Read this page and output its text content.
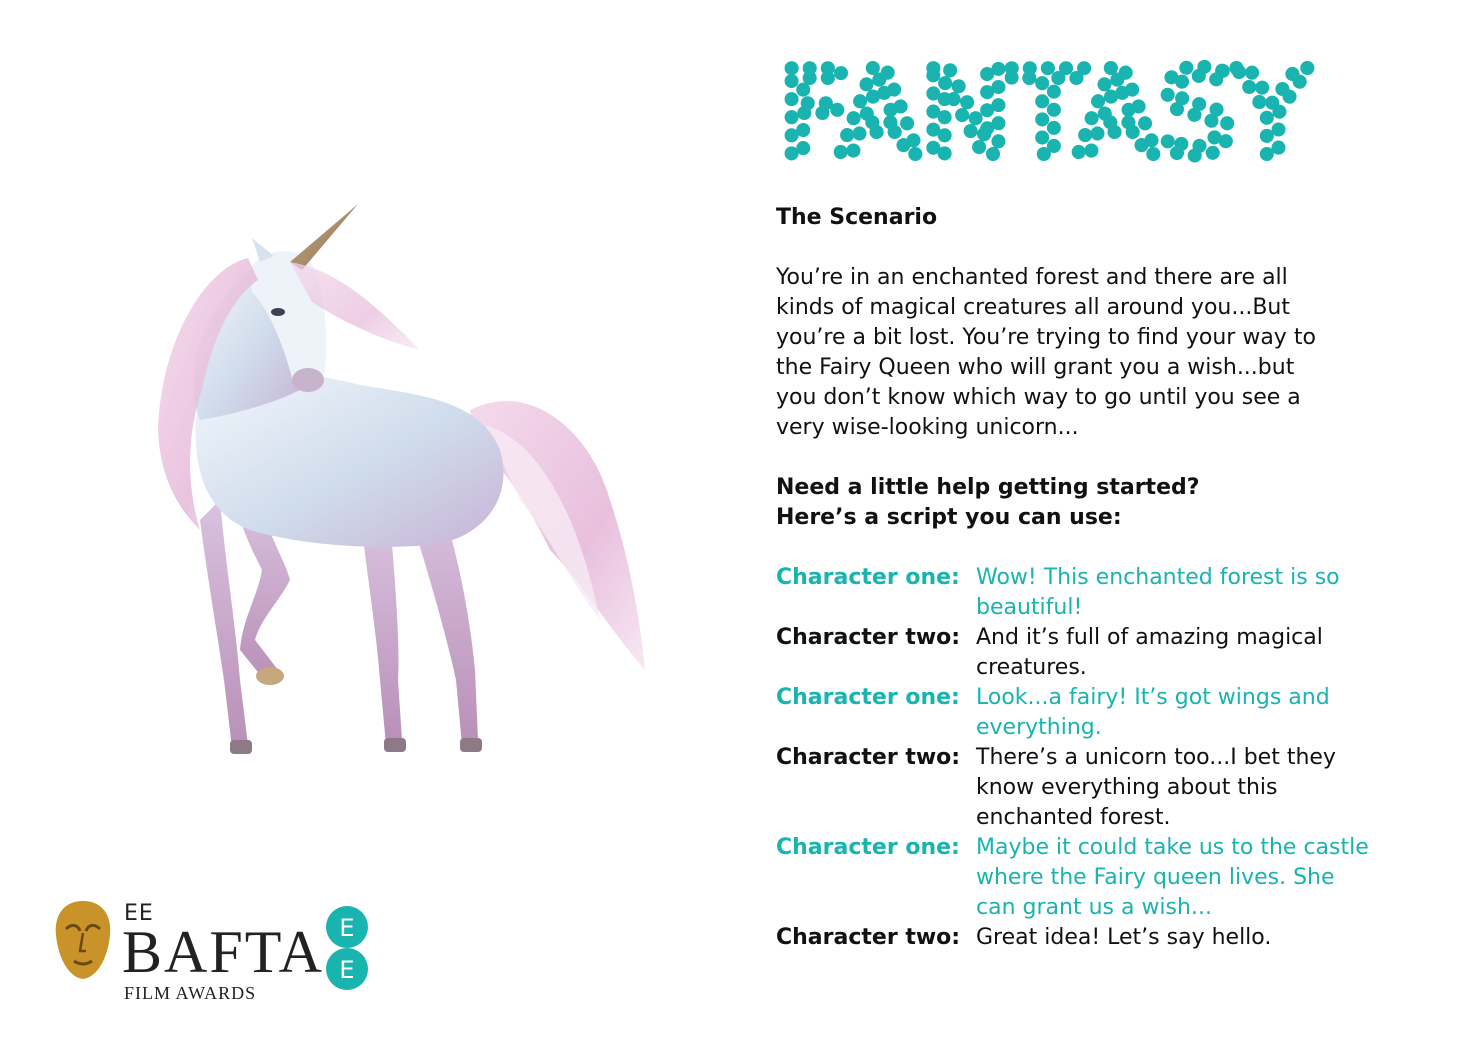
FANTASY

The Scenario

You’re in an enchanted forest and there are all kinds of magical creatures all around you...But you’re a bit lost. You’re trying to find your way to the Fairy Queen who will grant you a wish...but you don’t know which way to go until you see a very wise-looking unicorn...

Need a little help getting started?
Here’s a script you can use:

Character one: Wow! This enchanted forest is so beautiful!
Character two: And it’s full of amazing magical creatures.
Character one: Look...a fairy! It’s got wings and everything.
Character two: There’s a unicorn too...I bet they know everything about this enchanted forest.
Character one: Maybe it could take us to the castle where the Fairy queen lives. She can grant us a wish...
Character two: Great idea! Let’s say hello.
EE
BAFTA
FILM AWARDS
E
E
